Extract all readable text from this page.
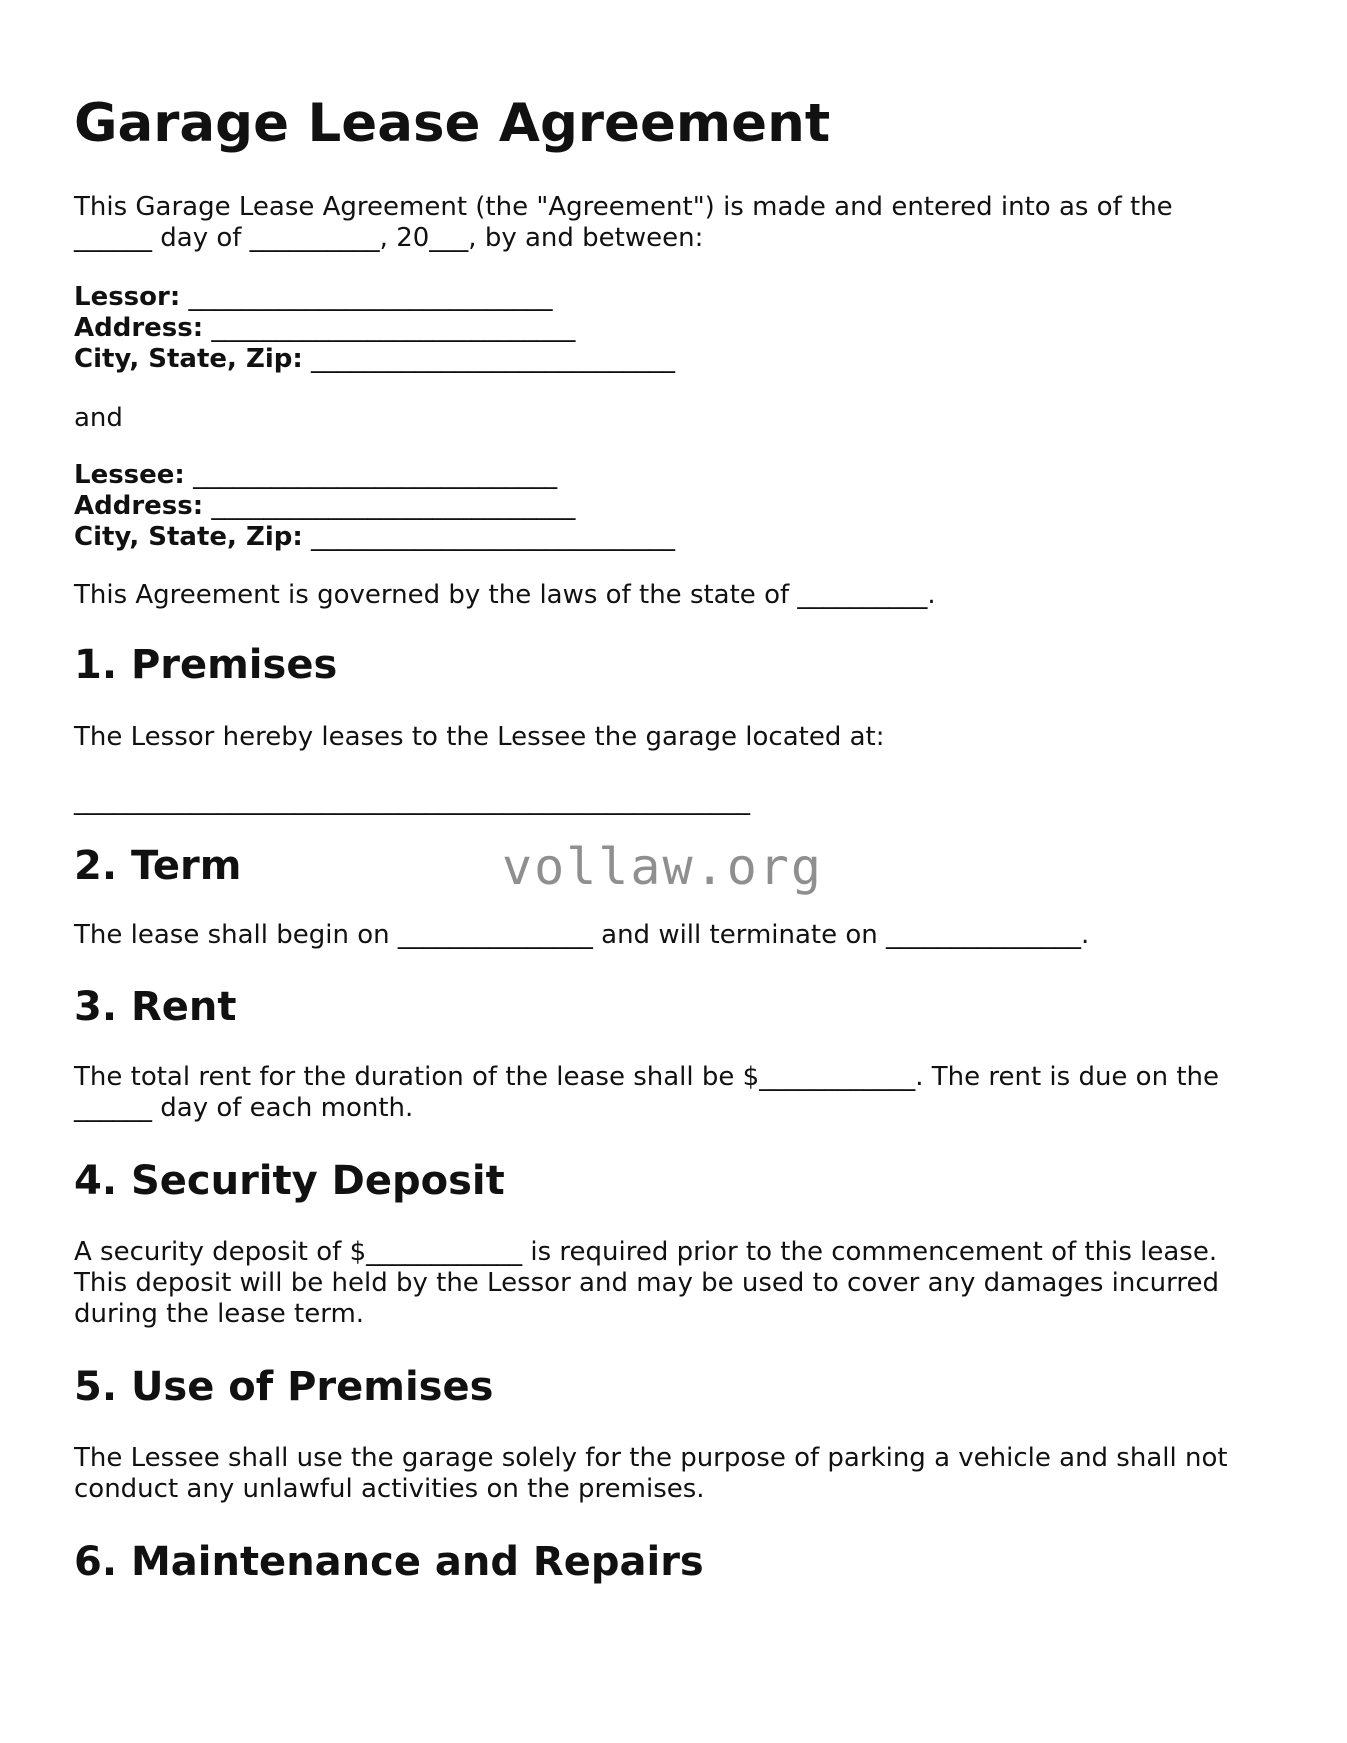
Garage Lease Agreement

This Garage Lease Agreement (the "Agreement") is made and entered into as of the

______ day of __________, 20___, by and between:

Lessor: ____________________________

Address: ____________________________

City, State, Zip: ____________________________

and

Lessee: ____________________________

Address: ____________________________

City, State, Zip: ____________________________

This Agreement is governed by the laws of the state of __________.

1. Premises

The Lessor hereby leases to the Lessee the garage located at:

____________________________________________________

2. Term

The lease shall begin on _______________ and will terminate on _______________.

3. Rent

The total rent for the duration of the lease shall be $____________. The rent is due on the

______ day of each month.

4. Security Deposit

A security deposit of $____________ is required prior to the commencement of this lease.

This deposit will be held by the Lessor and may be used to cover any damages incurred

during the lease term.

5. Use of Premises

The Lessee shall use the garage solely for the purpose of parking a vehicle and shall not

conduct any unlawful activities on the premises.

6. Maintenance and Repairs
vollaw.org
